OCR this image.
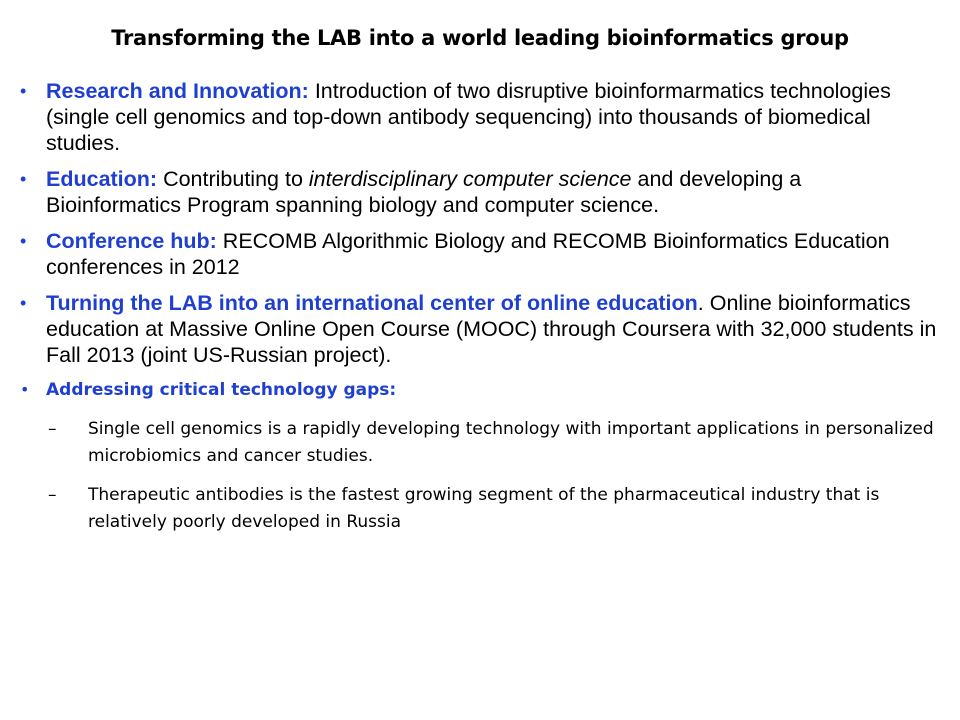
Transforming the LAB into a world leading bioinformatics group
• Research and Innovation: Introduction of two disruptive bioinformarmatics technologies (single cell genomics and top-down antibody sequencing) into thousands of biomedical studies.
• Education: Contributing to interdisciplinary computer science and developing a Bioinformatics Program spanning biology and computer science.
• Conference hub: RECOMB Algorithmic Biology and RECOMB Bioinformatics Education conferences in 2012
• Turning the LAB into an international center of online education. Online bioinformatics education at Massive Online Open Course (MOOC) through Coursera with 32,000 students in Fall 2013 (joint US-Russian project).
• Addressing critical technology gaps:
– Single cell genomics is a rapidly developing technology with important applications in personalized microbiomics and cancer studies.
– Therapeutic antibodies is the fastest growing segment of the pharmaceutical industry that is relatively poorly developed in Russia
